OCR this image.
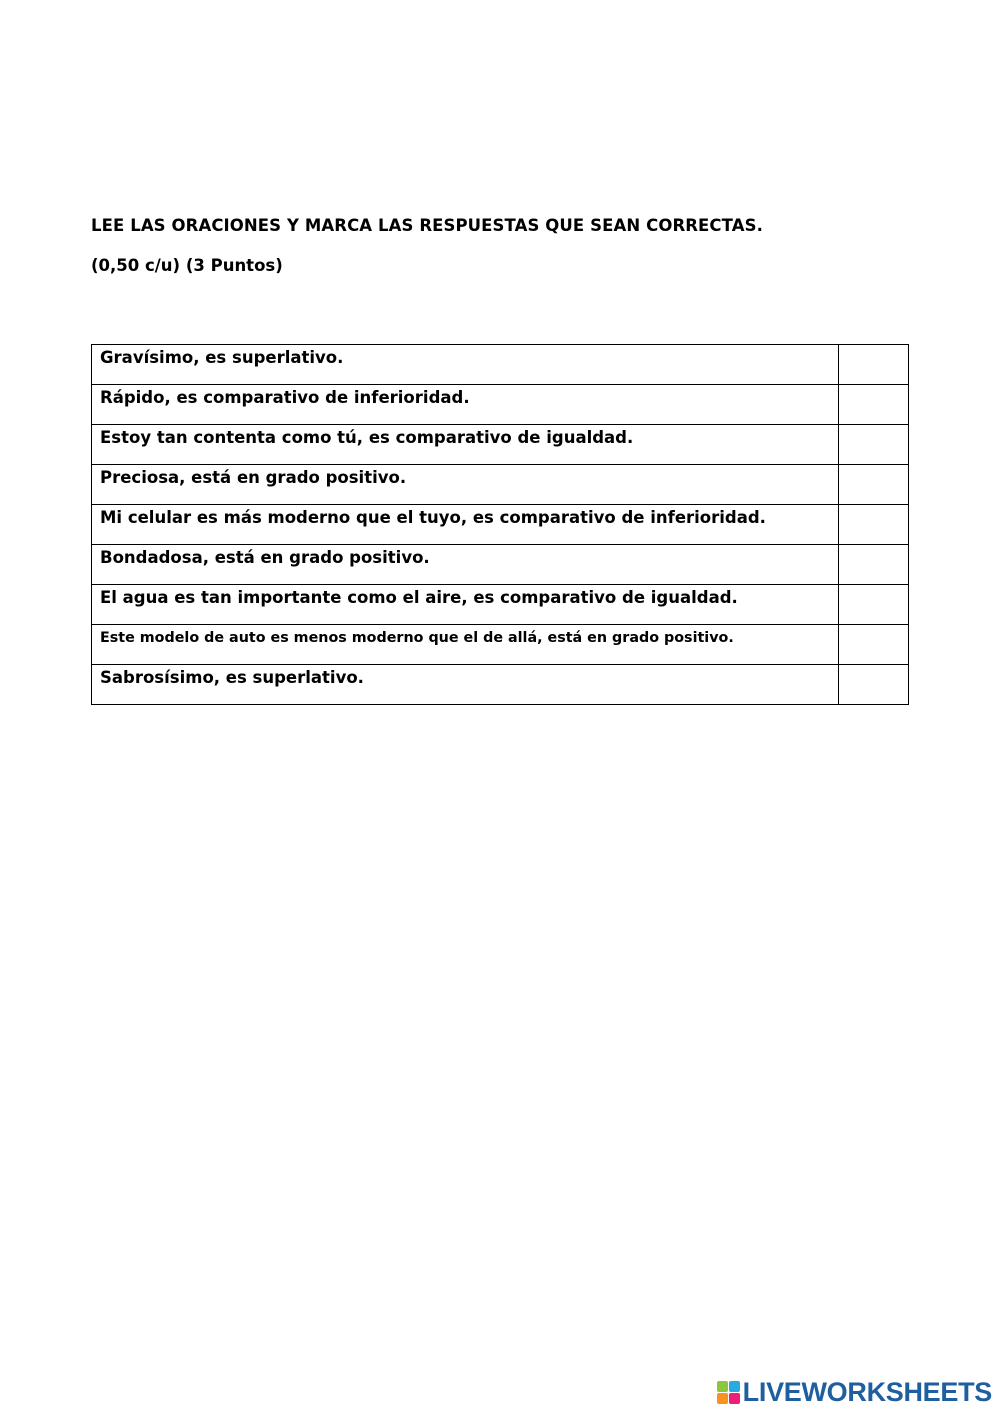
LEE LAS ORACIONES Y MARCA LAS RESPUESTAS QUE SEAN CORRECTAS.
(0,50 c/u) (3 Puntos)
Gravísimo, es superlativo.	
Rápido, es comparativo de inferioridad.	
Estoy tan contenta como tú, es comparativo de igualdad.	
Preciosa, está en grado positivo.	
Mi celular es más moderno que el tuyo, es comparativo de inferioridad.	
Bondadosa, está en grado positivo.	
El agua es tan importante como el aire, es comparativo de igualdad.	
Este modelo de auto es menos moderno que el de allá, está en grado positivo.	
Sabrosísimo, es superlativo.	
LIVEWORKSHEETS
